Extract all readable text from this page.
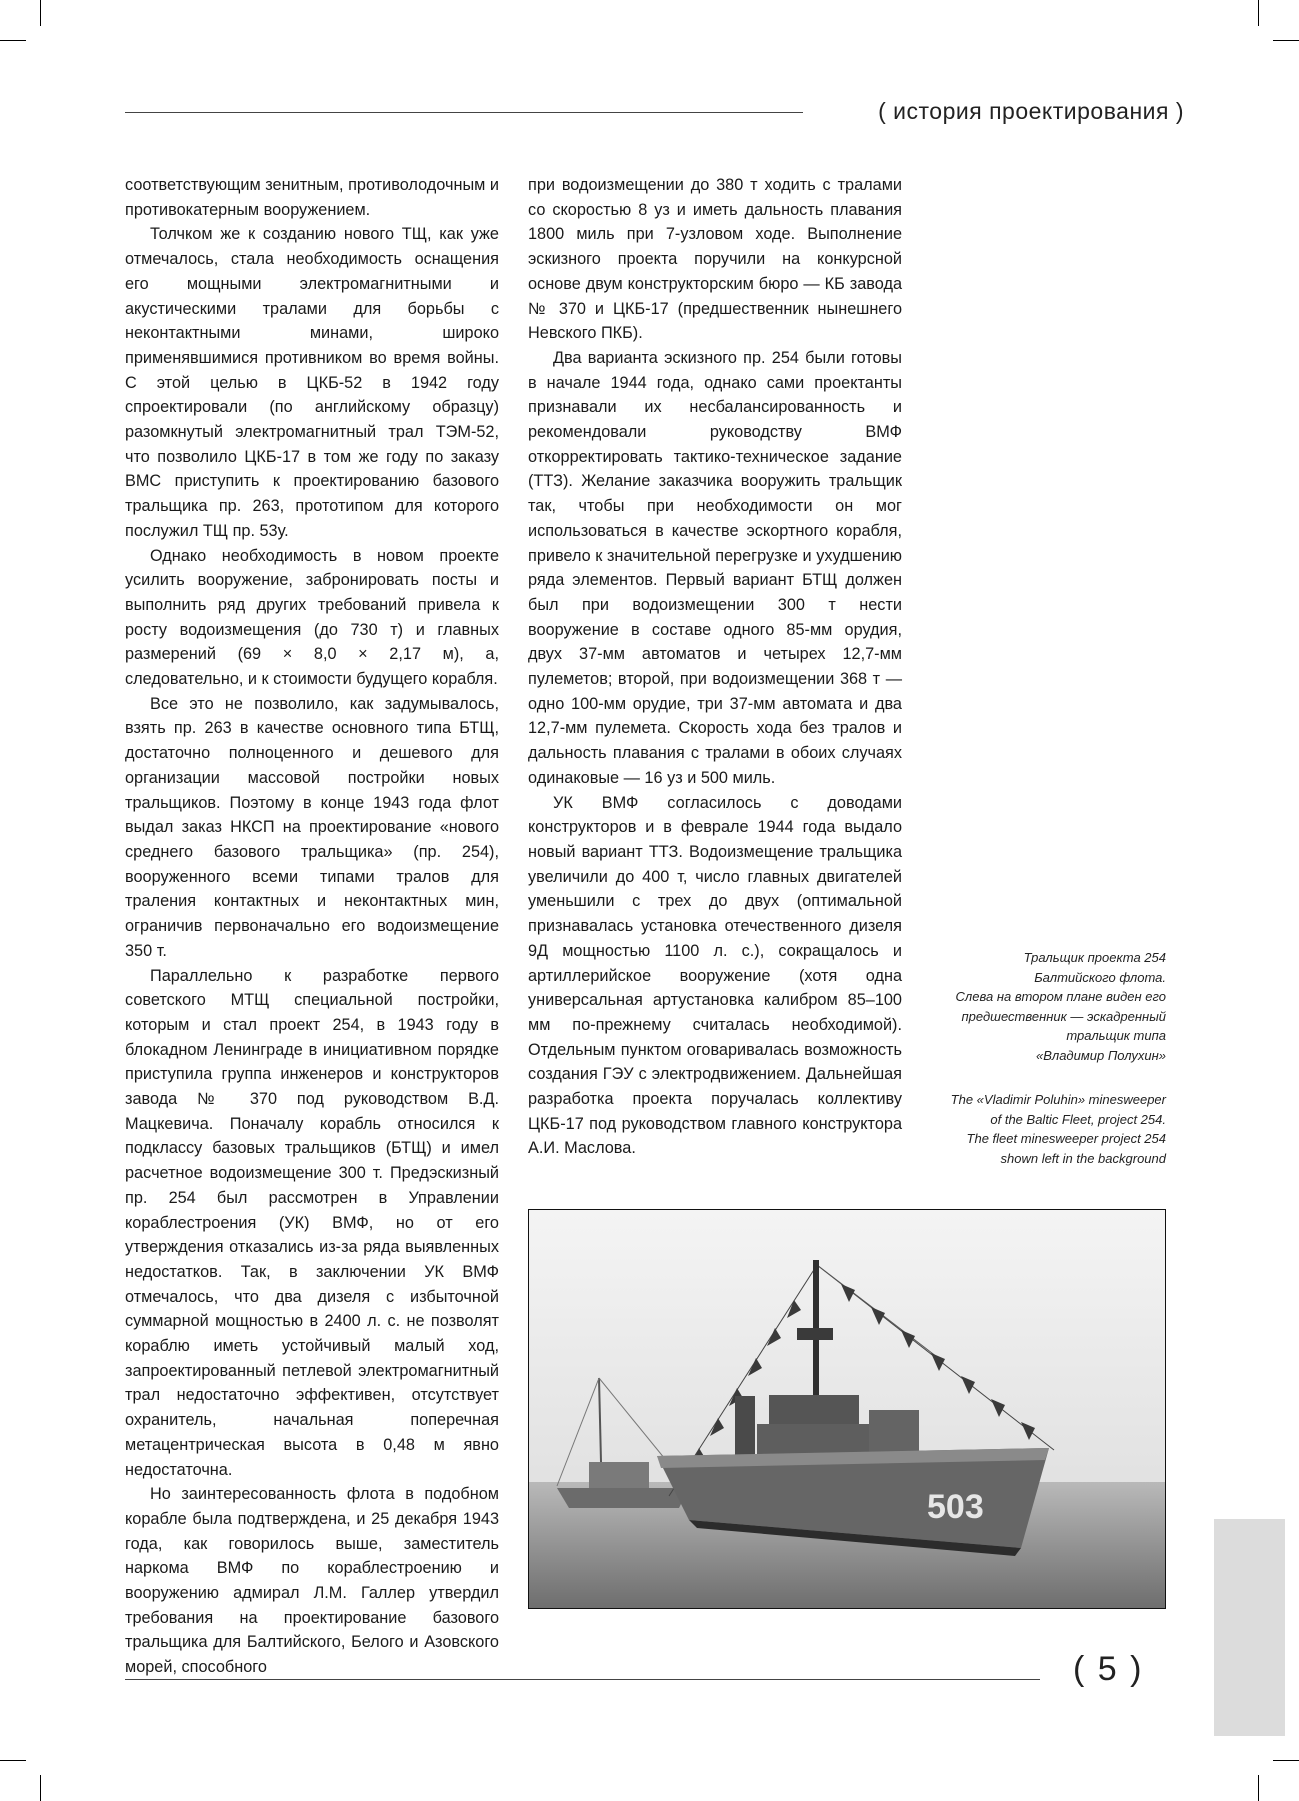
( история проектирования )

соответствующим зенитным, противолодочным и противокатерным вооружением.

Толчком же к созданию нового ТЩ, как уже отмечалось, стала необходимость оснащения его мощными электромагнитными и акустическими тралами для борьбы с неконтактными минами, широко применявшимися противником во время войны. С этой целью в ЦКБ-52 в 1942 году спроектировали (по английскому образцу) разомкнутый электромагнитный трал ТЭМ-52, что позволило ЦКБ-17 в том же году по заказу ВМС приступить к проектированию базового тральщика пр. 263, прототипом для которого послужил ТЩ пр. 53у.

Однако необходимость в новом проекте усилить вооружение, забронировать посты и выполнить ряд других требований привела к росту водоизмещения (до 730 т) и главных размерений (69 × 8,0 × 2,17 м), а, следовательно, и к стоимости будущего корабля.

Все это не позволило, как задумывалось, взять пр. 263 в качестве основного типа БТЩ, достаточно полноценного и дешевого для организации массовой постройки новых тральщиков. Поэтому в конце 1943 года флот выдал заказ НКСП на проектирование «нового среднего базового тральщика» (пр. 254), вооруженного всеми типами тралов для траления контактных и неконтактных мин, ограничив первоначально его водоизмещение 350 т.

Параллельно к разработке первого советского МТЩ специальной постройки, которым и стал проект 254, в 1943 году в блокадном Ленинграде в инициативном порядке приступила группа инженеров и конструкторов завода № 370 под руководством В.Д. Мацкевича. Поначалу корабль относился к подклассу базовых тральщиков (БТЩ) и имел расчетное водоизмещение 300 т. Предэскизный пр. 254 был рассмотрен в Управлении кораблестроения (УК) ВМФ, но от его утверждения отказались из-за ряда выявленных недостатков. Так, в заключении УК ВМФ отмечалось, что два дизеля с избыточной суммарной мощностью в 2400 л. с. не позволят кораблю иметь устойчивый малый ход, запроектированный петлевой электромагнитный трал недостаточно эффективен, отсутствует охранитель, начальная поперечная метацентрическая высота в 0,48 м явно недостаточна.

Но заинтересованность флота в подобном корабле была подтверждена, и 25 декабря 1943 года, как говорилось выше, заместитель наркома ВМФ по кораблестроению и вооружению адмирал Л.М. Галлер утвердил требования на проектирование базового тральщика для Балтийского, Белого и Азовского морей, способного

при водоизмещении до 380 т ходить с тралами со скоростью 8 уз и иметь дальность плавания 1800 миль при 7-узловом ходе. Выполнение эскизного проекта поручили на конкурсной основе двум конструкторским бюро — КБ завода № 370 и ЦКБ-17 (предшественник нынешнего Невского ПКБ).

Два варианта эскизного пр. 254 были готовы в начале 1944 года, однако сами проектанты признавали их несбалансированность и рекомендовали руководству ВМФ откорректировать тактико-техническое задание (ТТЗ). Желание заказчика вооружить тральщик так, чтобы при необходимости он мог использоваться в качестве эскортного корабля, привело к значительной перегрузке и ухудшению ряда элементов. Первый вариант БТЩ должен был при водоизмещении 300 т нести вооружение в составе одного 85-мм орудия, двух 37-мм автоматов и четырех 12,7-мм пулеметов; второй, при водоизмещении 368 т — одно 100-мм орудие, три 37-мм автомата и два 12,7-мм пулемета. Скорость хода без тралов и дальность плавания с тралами в обоих случаях одинаковые — 16 уз и 500 миль.

УК ВМФ согласилось с доводами конструкторов и в феврале 1944 года выдало новый вариант ТТЗ. Водоизмещение тральщика увеличили до 400 т, число главных двигателей уменьшили с трех до двух (оптимальной признавалась установка отечественного дизеля 9Д мощностью 1100 л. с.), сокращалось и артиллерийское вооружение (хотя одна универсальная артустановка калибром 85–100 мм по-прежнему считалась необходимой). Отдельным пунктом оговаривалась возможность создания ГЭУ с электродвижением. Дальнейшая разработка проекта поручалась коллективу ЦКБ-17 под руководством главного конструктора А.И. Маслова.

Тральщик проекта 254
Балтийского флота.
Слева на втором плане виден его
предшественник — эскадренный
тральщик типа
«Владимир Полухин»
The «Vladimir Poluhin» minesweeper
of the Baltic Fleet, project 254.
The fleet minesweeper project 254
shown left in the background
503
( 5 )
